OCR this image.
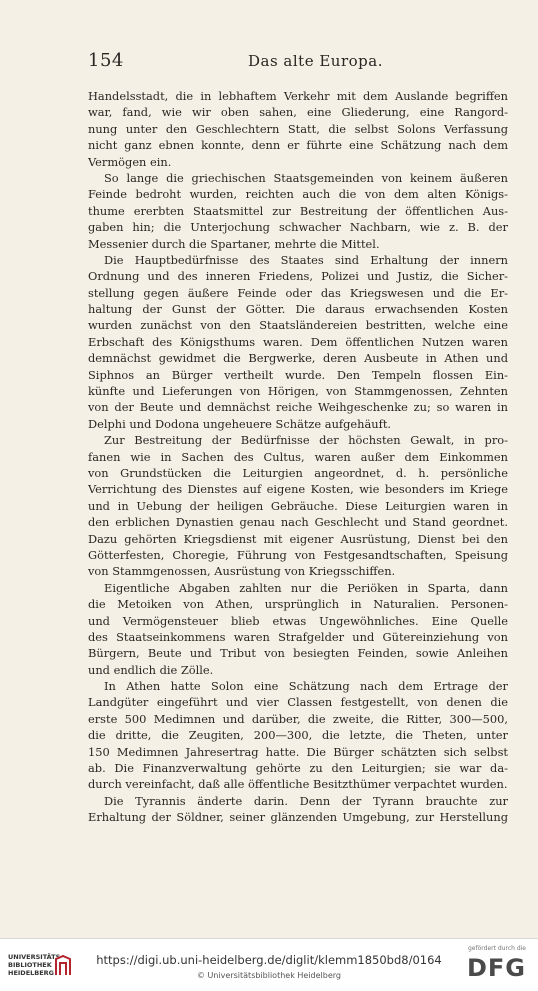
154	Das alte Europa.
Handelsstadt, die in lebhaftem Verkehr mit dem Auslande begriffen
war, fand, wie wir oben sahen, eine Gliederung, eine Rangord-
nung unter den Geschlechtern Statt, die selbst Solons Verfassung
nicht ganz ebnen konnte, denn er führte eine Schätzung nach dem
Vermögen ein.
So lange die griechischen Staatsgemeinden von keinem äußeren
Feinde bedroht wurden, reichten auch die von dem alten Königs-
thume ererbten Staatsmittel zur Bestreitung der öffentlichen Aus-
gaben hin; die Unterjochung schwacher Nachbarn, wie z. B. der
Messenier durch die Spartaner, mehrte die Mittel.
Die Hauptbedürfnisse des Staates sind Erhaltung der innern
Ordnung und des inneren Friedens, Polizei und Justiz, die Sicher-
stellung gegen äußere Feinde oder das Kriegswesen und die Er-
haltung der Gunst der Götter. Die daraus erwachsenden Kosten
wurden zunächst von den Staatsländereien bestritten, welche eine
Erbschaft des Königsthums waren. Dem öffentlichen Nutzen waren
demnächst gewidmet die Bergwerke, deren Ausbeute in Athen und
Siphnos an Bürger vertheilt wurde. Den Tempeln flossen Ein-
künfte und Lieferungen von Hörigen, von Stammgenossen, Zehnten
von der Beute und demnächst reiche Weihgeschenke zu; so waren in
Delphi und Dodona ungeheuere Schätze aufgehäuft.
Zur Bestreitung der Bedürfnisse der höchsten Gewalt, in pro-
fanen wie in Sachen des Cultus, waren außer dem Einkommen
von Grundstücken die Leiturgien angeordnet, d. h. persönliche
Verrichtung des Dienstes auf eigene Kosten, wie besonders im Kriege
und in Uebung der heiligen Gebräuche. Diese Leiturgien waren in
den erblichen Dynastien genau nach Geschlecht und Stand geordnet.
Dazu gehörten Kriegsdienst mit eigener Ausrüstung, Dienst bei den
Götterfesten, Choregie, Führung von Festgesandtschaften, Speisung
von Stammgenossen, Ausrüstung von Kriegsschiffen.
Eigentliche Abgaben zahlten nur die Periöken in Sparta, dann
die Metoiken von Athen, ursprünglich in Naturalien. Personen-
und Vermögensteuer blieb etwas Ungewöhnliches. Eine Quelle
des Staatseinkommens waren Strafgelder und Gütereinziehung von
Bürgern, Beute und Tribut von besiegten Feinden, sowie Anleihen
und endlich die Zölle.
In Athen hatte Solon eine Schätzung nach dem Ertrage der
Landgüter eingeführt und vier Classen festgestellt, von denen die
erste 500 Medimnen und darüber, die zweite, die Ritter, 300—500,
die dritte, die Zeugiten, 200—300, die letzte, die Theten, unter
150 Medimnen Jahresertrag hatte. Die Bürger schätzten sich selbst
ab. Die Finanzverwaltung gehörte zu den Leiturgien; sie war da-
durch vereinfacht, daß alle öffentliche Besitzthümer verpachtet wurden.
Die Tyrannis änderte darin. Denn der Tyrann brauchte zur
Erhaltung der Söldner, seiner glänzenden Umgebung, zur Herstellung
UNIVERSITÄTS-
BIBLIOTHEK
HEIDELBERG
https://digi.ub.uni-heidelberg.de/diglit/klemm1850bd8/0164
© Universitätsbibliothek Heidelberg
gefördert durch die
DFG
